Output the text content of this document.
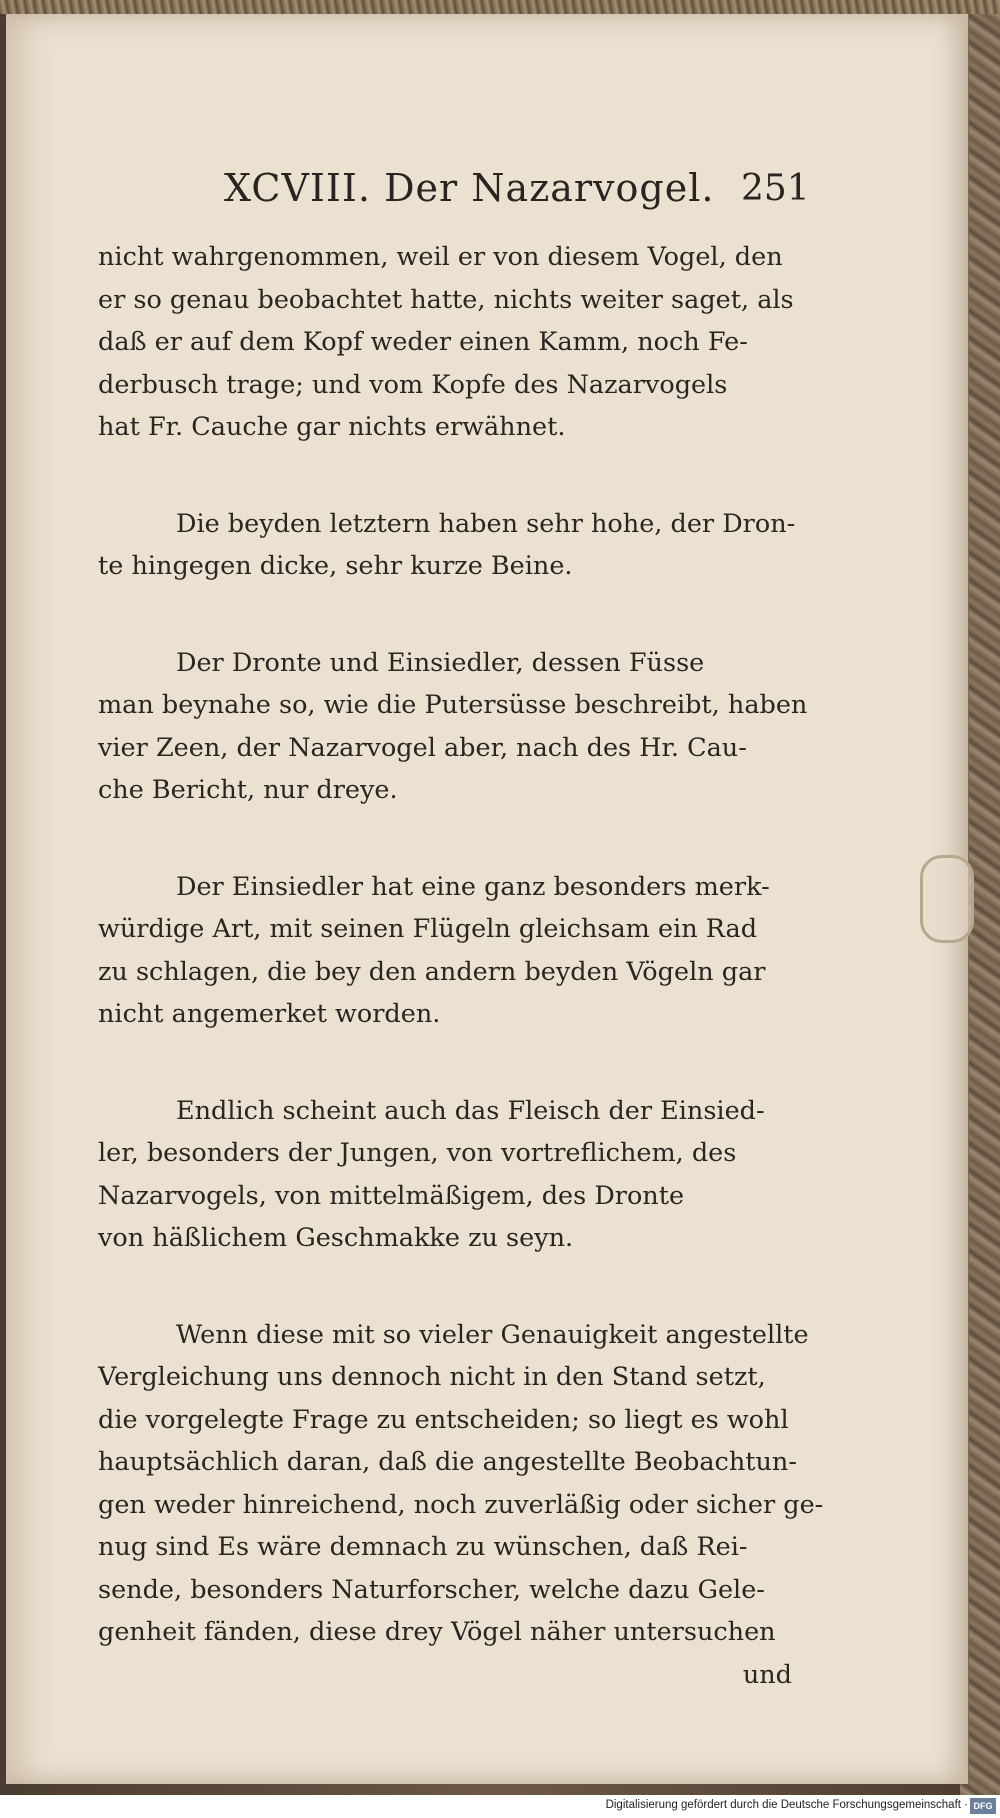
XCVIII. Der Nazarvogel. 251
nicht wahrgenommen, weil er von diesem Vogel, den
er so genau beobachtet hatte, nichts weiter saget, als
daß er auf dem Kopf weder einen Kamm, noch Fe-
derbusch trage; und vom Kopfe des Nazarvogels
hat Fr. Cauche gar nichts erwähnet.
Die beyden letztern haben sehr hohe, der Dron-
te hingegen dicke, sehr kurze Beine.
Der Dronte und Einsiedler, dessen Füsse
man beynahe so, wie die Putersüsse beschreibt, haben
vier Zeen, der Nazarvogel aber, nach des Hr. Cau-
che Bericht, nur dreye.
Der Einsiedler hat eine ganz besonders merk-
würdige Art, mit seinen Flügeln gleichsam ein Rad
zu schlagen, die bey den andern beyden Vögeln gar
nicht angemerket worden.
Endlich scheint auch das Fleisch der Einsied-
ler, besonders der Jungen, von vortreflichem, des
Nazarvogels, von mittelmäßigem, des Dronte
von häßlichem Geschmakke zu seyn.
Wenn diese mit so vieler Genauigkeit angestellte
Vergleichung uns dennoch nicht in den Stand setzt,
die vorgelegte Frage zu entscheiden; so liegt es wohl
hauptsächlich daran, daß die angestellte Beobachtun-
gen weder hinreichend, noch zuverläßig oder sicher ge-
nug sind Es wäre demnach zu wünschen, daß Rei-
sende, besonders Naturforscher, welche dazu Gele-
genheit fänden, diese drey Vögel näher untersuchen
und
Digitalisierung gefördert durch die Deutsche Forschungsgemeinschaft · DFG
